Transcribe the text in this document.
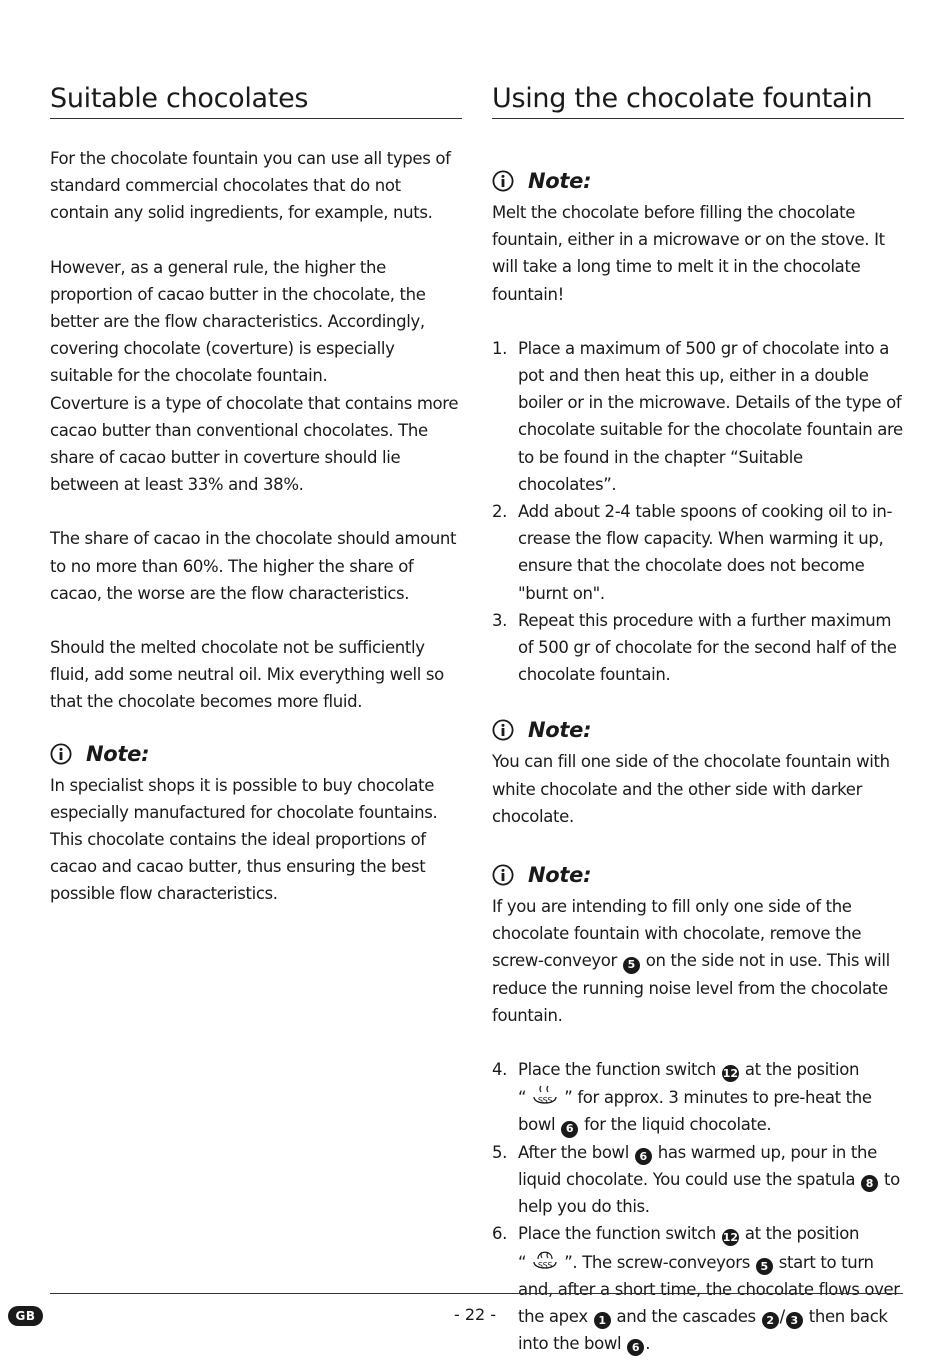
Suitable chocolates

For the chocolate fountain you can use all types of standard commercial chocolates that do not contain any solid ingredients, for example, nuts.

However, as a general rule, the higher the proportion of cacao butter in the chocolate, the better are the flow characteristics. Accordingly, covering chocolate (coverture) is especially suitable for the chocolate fountain.

Coverture is a type of chocolate that contains more cacao butter than conventional chocolates. The share of cacao butter in coverture should lie between at least 33% and 38%.

The share of cacao in the chocolate should amount to no more than 60%. The higher the share of cacao, the worse are the flow characteristics.

Should the melted chocolate not be sufficiently fluid, add some neutral oil. Mix everything well so that the chocolate becomes more fluid.

Note:

In specialist shops it is possible to buy chocolate especially manufactured for chocolate fountains. This chocolate contains the ideal proportions of cacao and cacao butter, thus ensuring the best possible flow characteristics.

Using the chocolate fountain
Note:

Melt the chocolate before filling the chocolate fountain, either in a microwave or on the stove. It will take a long time to melt it in the chocolate fountain!

1. Place a maximum of 500 gr of chocolate into a pot and then heat this up, either in a double boiler or in the microwave. Details of the type of chocolate suitable for the chocolate fountain are to be found in the chapter “Suitable chocolates”.
2. Add about 2-4 table spoons of cooking oil to in-crease the flow capacity. When warming it up, ensure that the chocolate does not become "burnt on".
3. Repeat this procedure with a further maximum of 500 gr of chocolate for the second half of the chocolate fountain.
Note:

You can fill one side of the chocolate fountain with white chocolate and the other side with darker chocolate.

Note:

If you are intending to fill only one side of the chocolate fountain with chocolate, remove the screw-conveyor 5 on the side not in use. This will reduce the running noise level from the chocolate fountain.

4. Place the function switch 12 at the position
“ SSS ” for approx. 3 minutes to pre-heat the bowl 6 for the liquid chocolate.
5. After the bowl 6 has warmed up, pour in the liquid chocolate. You could use the spatula 8 to help you do this.
6. Place the function switch 12 at the position
“ SSS ”. The screw-conveyors 5 start to turn and, after a short time, the chocolate flows over the apex 1 and the cascades 2 / 3 then back into the bowl 6 .
GB	- 22 -
